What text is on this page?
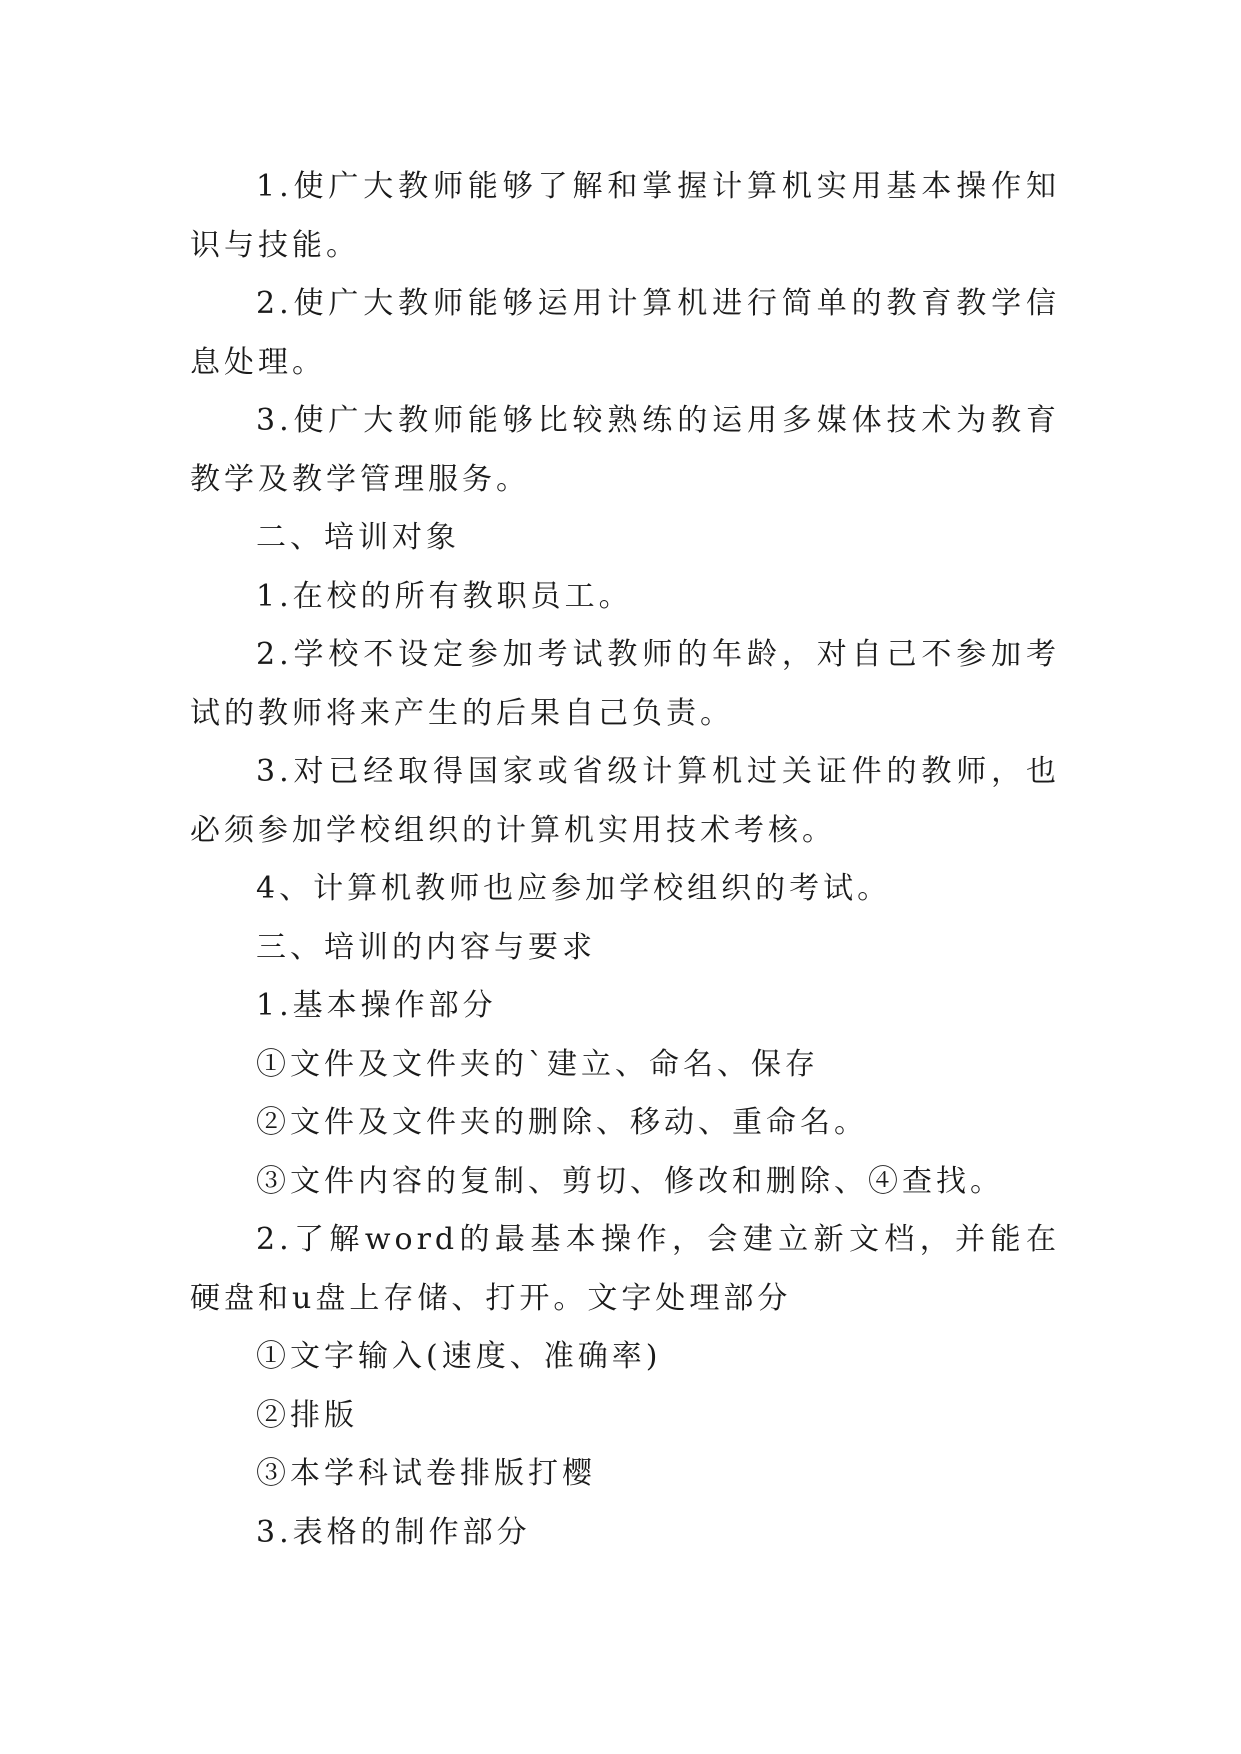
1.使广大教师能够了解和掌握计算机实用基本操作知识与技能。

2.使广大教师能够运用计算机进行简单的教育教学信息处理。

3.使广大教师能够比较熟练的运用多媒体技术为教育教学及教学管理服务。

二、培训对象

1.在校的所有教职员工。

2.学校不设定参加考试教师的年龄，对自己不参加考试的教师将来产生的后果自己负责。

3.对已经取得国家或省级计算机过关证件的教师，也必须参加学校组织的计算机实用技术考核。

4、计算机教师也应参加学校组织的考试。

三、培训的内容与要求

1.基本操作部分

①文件及文件夹的`建立、命名、保存

②文件及文件夹的删除、移动、重命名。

③文件内容的复制、剪切、修改和删除、④查找。

2.了解word的最基本操作，会建立新文档，并能在硬盘和u盘上存储、打开。文字处理部分

①文字输入(速度、准确率)

②排版

③本学科试卷排版打樱

3.表格的制作部分
